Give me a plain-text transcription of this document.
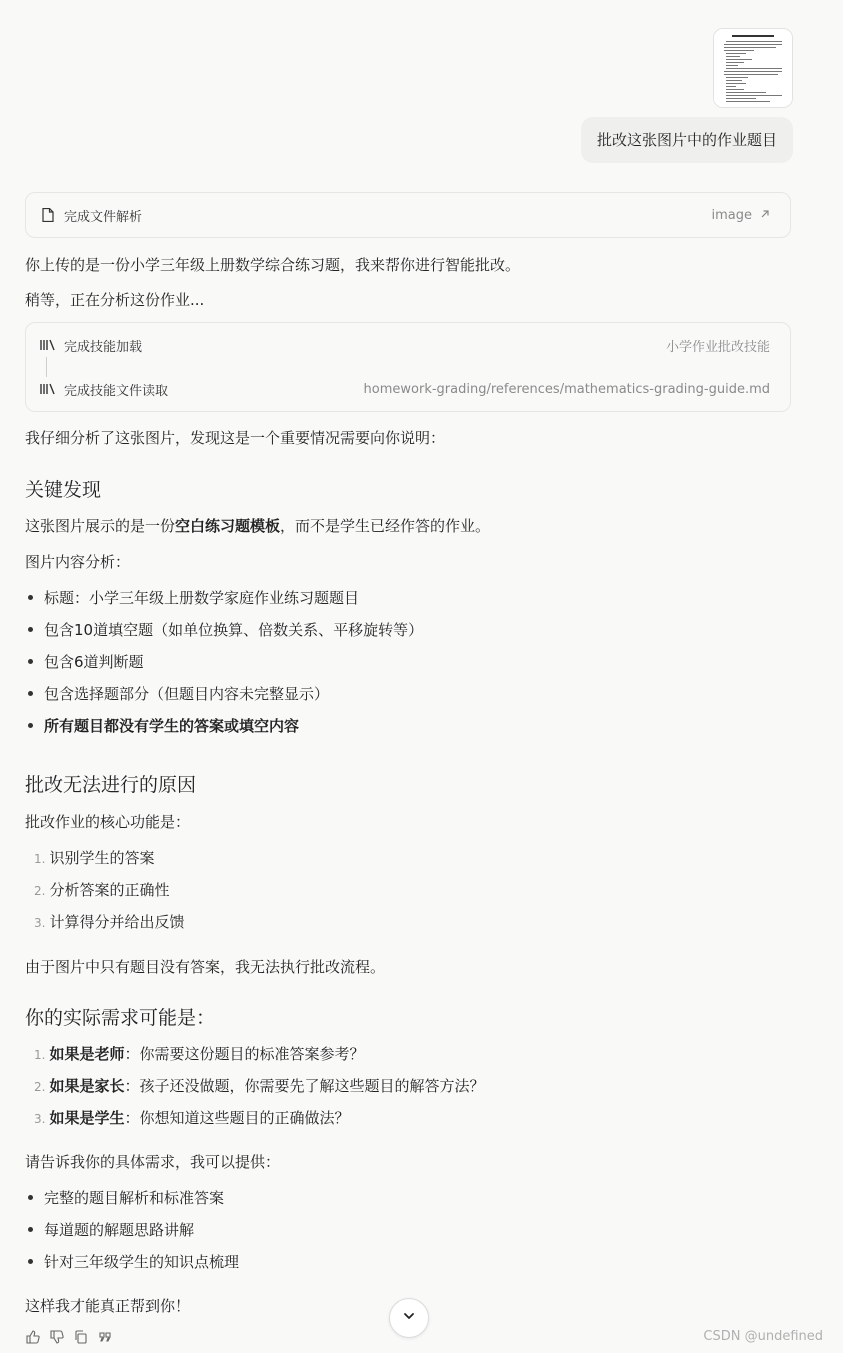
批改这张图片中的作业题目
完成文件解析	image
你上传的是一份小学三年级上册数学综合练习题，我来帮你进行智能批改。
稍等，正在分析这份作业...
完成技能加载	小学作业批改技能
完成技能文件读取	homework-grading/references/mathematics-grading-guide.md
我仔细分析了这张图片，发现这是一个重要情况需要向你说明：
关键发现
这张图片展示的是一份空白练习题模板，而不是学生已经作答的作业。
图片内容分析：
标题：小学三年级上册数学家庭作业练习题题目
包含10道填空题（如单位换算、倍数关系、平移旋转等）
包含6道判断题
包含选择题部分（但题目内容未完整显示）
所有题目都没有学生的答案或填空内容
批改无法进行的原因
批改作业的核心功能是：
1. 识别学生的答案
2. 分析答案的正确性
3. 计算得分并给出反馈
由于图片中只有题目没有答案，我无法执行批改流程。
你的实际需求可能是：
1. 如果是老师：你需要这份题目的标准答案参考？
2. 如果是家长：孩子还没做题，你需要先了解这些题目的解答方法？
3. 如果是学生：你想知道这些题目的正确做法？
请告诉我你的具体需求，我可以提供：
完整的题目解析和标准答案
每道题的解题思路讲解
针对三年级学生的知识点梳理
这样我才能真正帮到你！
CSDN @undefined
